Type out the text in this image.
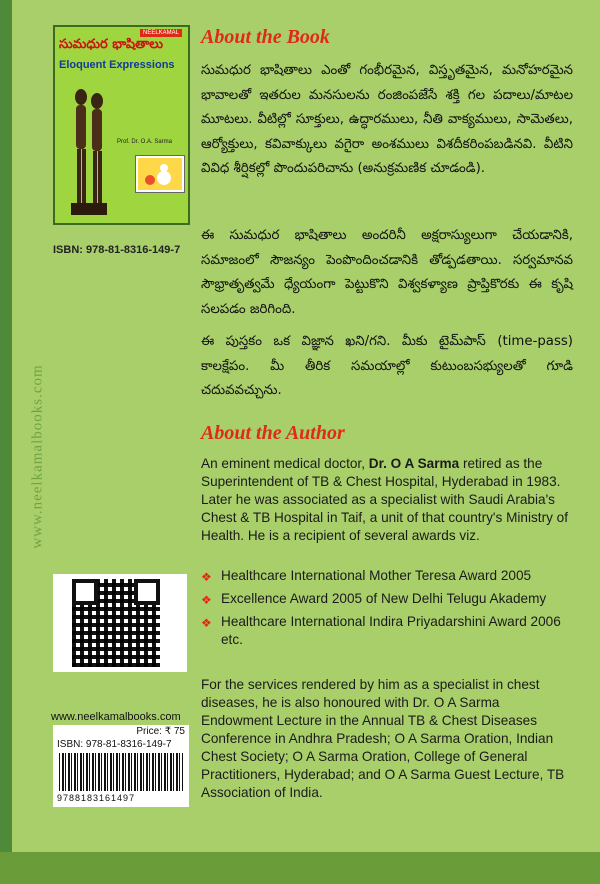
www.neelkamalbooks.com
NEELKAMAL
సుమధుర భాషితాలు
Eloquent Expressions
Prof. Dr. O.A. Sarma
ISBN: 978-81-8316-149-7
About the Book
సుమధుర భాషితాలు ఎంతో గంభీరమైన, విస్తృతమైన, మనోహరమైన భావాలతో ఇతరుల మనసులను రంజింపజేసే శక్తి గల పదాలు/మాటల మూటలు. వీటిల్లో సూక్తులు, ఉద్ధారములు, నీతి వాక్యములు, సామెతలు, ఆర్యోక్తులు, కవివాక్కులు వగైరా అంశములు విశదీకరింపబడినవి. వీటిని వివిధ శీర్షికల్లో పొందుపరిచాను (అనుక్రమణిక చూడండి).
ఈ సుమధుర భాషితాలు అందరినీ అక్షరాస్యులుగా చేయడానికి, సమాజంలో సౌజన్యం పెంపొందించడానికి తోడ్పడతాయి. సర్వమానవ సౌభ్రాతృత్వమే ధ్యేయంగా పెట్టుకొని విశ్వకళ్యాణ ప్రాప్తికొరకు ఈ కృషి సలపడం జరిగింది.
ఈ పుస్తకం ఒక విజ్ఞాన ఖని/గని. మీకు టైమ్‌పాస్ (time-pass) కాలక్షేపం. మీ తీరిక సమయాల్లో కుటుంబసభ్యులతో గూడి చదువవచ్చును.
About the Author
An eminent medical doctor, Dr. O A Sarma retired as the Superintendent of TB & Chest Hospital, Hyderabad in 1983. Later he was associated as a specialist with Saudi Arabia's Chest & TB Hospital in Taif, a unit of that country's Ministry of Health. He is a recipient of several awards viz.
❖ Healthcare International Mother Teresa Award 2005
❖ Excellence Award 2005 of New Delhi Telugu Akademy
❖ Healthcare International Indira Priyadarshini Award 2006 etc.
For the services rendered by him as a specialist in chest diseases, he is also honoured with Dr. O A Sarma Endowment Lecture in the Annual TB & Chest Diseases Conference in Andhra Pradesh; O A Sarma Oration, Indian Chest Society; O A Sarma Oration, College of General Practitioners, Hyderabad; and O A Sarma Guest Lecture, TB Association of India.
www.neelkamalbooks.com
Price: ₹ 75
ISBN: 978-81-8316-149-7
9788183161497
